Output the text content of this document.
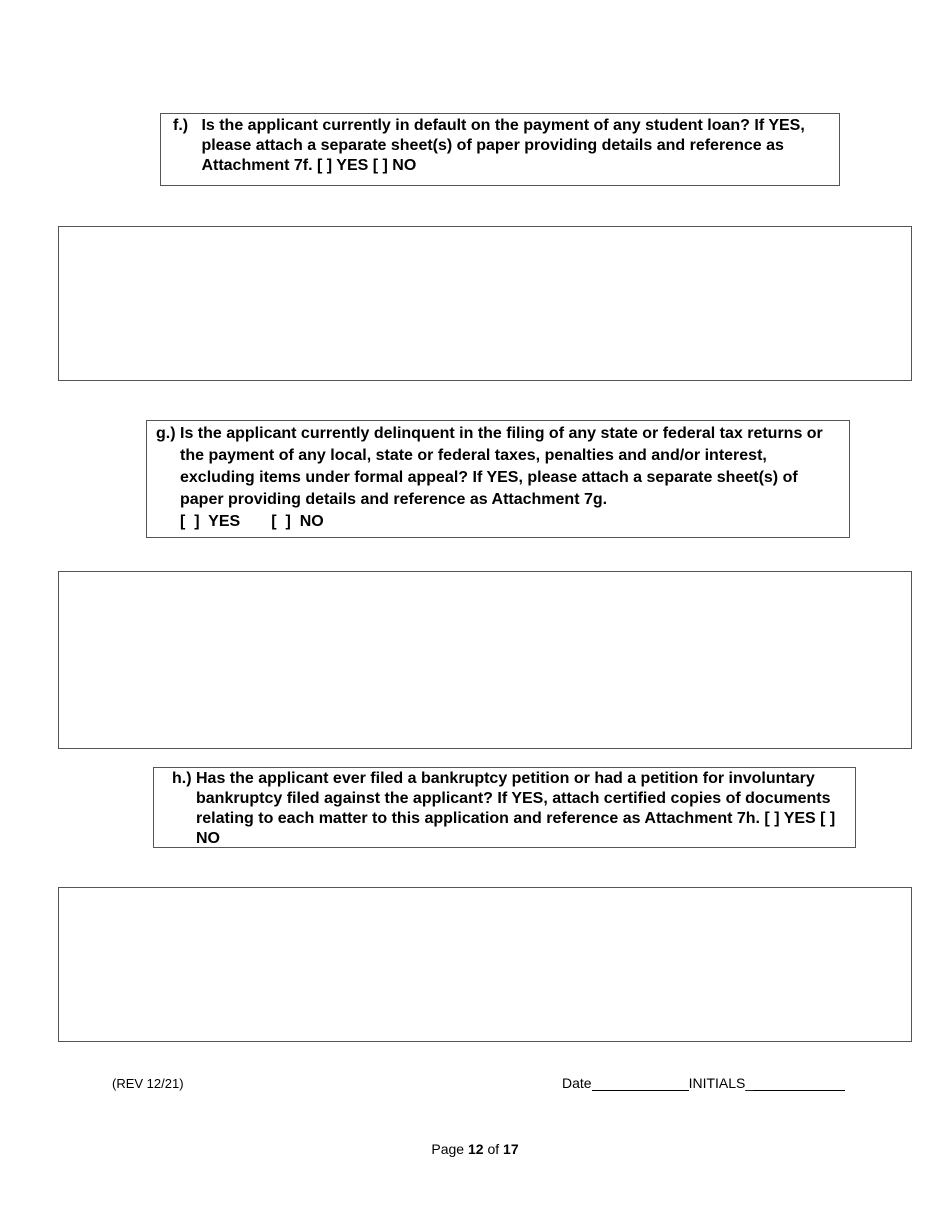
f.) Is the applicant currently in default on the payment of any student loan? If YES, please attach a separate sheet(s) of paper providing details and reference as Attachment 7f. [ ] YES [ ] NO
g.) Is the applicant currently delinquent in the filing of any state or federal tax returns or the payment of any local, state or federal taxes, penalties and and/or interest, excluding items under formal appeal? If YES, please attach a separate sheet(s) of paper providing details and reference as Attachment 7g.
[  ]  YES       [  ]  NO
h.) Has the applicant ever filed a bankruptcy petition or had a petition for involuntary bankruptcy filed against the applicant? If YES, attach certified copies of documents relating to each matter to this application and reference as Attachment 7h. [ ] YES [ ] NO
(REV 12/21)	Date	INITIALS_
Page 12 of 17
